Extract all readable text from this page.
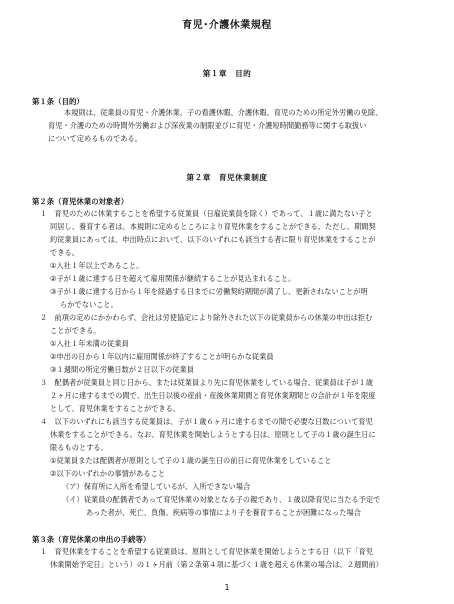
育児･介護休業規程
第１章　目的
第１条（目的）
本規則は、従業員の育児・介護休業、子の看護休暇、介護休暇、育児のための所定外労働の免除、
育児・介護のための時間外労働および深夜業の制限並びに育児・介護短時間勤務等に関する取扱い
について定めるものである。
第２章　育児休業制度
第２条（育児休業の対象者）
１　育児のために休業することを希望する従業員（日雇従業員を除く）であって、１歳に満たない子と
同居し、養育する者は、本規則に定めるところにより育児休業をすることができる。ただし、期間契
約従業員にあっては、申出時点において、以下のいずれにも該当する者に限り育児休業をすることが
できる。
①入社１年以上であること。
②子が１歳に達する日を超えて雇用関係が継続することが見込まれること。
③子が１歳に達する日から１年を経過する日までに労働契約期間が満了し、更新されないことが明
らかでないこと。
２　前項の定めにかかわらず、会社は労使協定により除外された以下の従業員からの休業の申出は拒む
ことができる。
①入社１年未満の従業員
②申出の日から１年以内に雇用関係が終了することが明らかな従業員
③１週間の所定労働日数が２日以下の従業員
３　配偶者が従業員と同じ日から、または従業員より先に育児休業をしている場合、従業員は子が１歳
２ヶ月に達するまでの間で、出生日以後の産前・産後休業期間と育児休業期間との合計が１年を限度
として、育児休業をすることができる。
４　以下のいずれにも該当する従業員は、子が１歳６ヶ月に達するまでの間で必要な日数について育児
休業をすることができる。なお、育児休業を開始しようとする日は、原則として子の１歳の誕生日に
限るものとする。
①従業員または配偶者が原則として子の１歳の誕生日の前日に育児休業をしていること
②以下のいずれかの事情があること
（ア）保育所に入所を希望しているが、入所できない場合
（イ）従業員の配偶者であって育児休業の対象となる子の親であり、１歳以降育児に当たる予定で
あった者が、死亡、負傷、疾病等の事情により子を養育することが困難になった場合
第３条（育児休業の申出の手続等）
１　育児休業をすることを希望する従業員は、原則として育児休業を開始しようとする日（以下「育児
休業開始予定日」という）の１ヶ月前（第２条第４項に基づく１歳を超える休業の場合は、２週間前）
1
